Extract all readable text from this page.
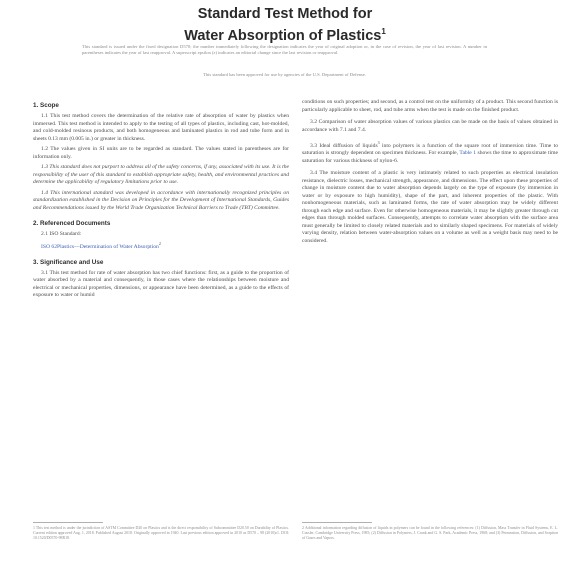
Standard Test Method for
Water Absorption of Plastics$^1$

This standard is issued under the fixed designation D570; the number immediately following the designation indicates the year of original adoption or, in the case of revision, the year of last revision. A number in parentheses indicates the year of last reapproval. A superscript epsilon (ε) indicates an editorial change since the last revision or reapproval.

This standard has been approved for use by agencies of the U.S. Department of Defense.

1. Scope

1.1 This test method covers the determination of the relative rate of absorption of water by plastics when immersed. This test method is intended to apply to the testing of all types of plastics, including cast, hot-molded, and cold-molded resinous products, and both homogeneous and laminated plastics in rod and tube form and in sheets 0.13 mm (0.005 in.) or greater in thickness.

1.2 The values given in SI units are to be regarded as standard. The values stated in parentheses are for information only.

1.3 This standard does not purport to address all of the safety concerns, if any, associated with its use. It is the responsibility of the user of this standard to establish appropriate safety, health, and environmental practices and determine the applicability of regulatory limitations prior to use.

1.4 This international standard was developed in accordance with internationally recognized principles on standardization established in the Decision on Principles for the Development of International Standards, Guides and Recommendations issued by the World Trade Organization Technical Barriers to Trade (TBT) Committee.

2. Referenced Documents

2.1 ISO Standard:

ISO 62Plastics—Determination of Water Absorption$^2$

3. Significance and Use

3.1 This test method for rate of water absorption has two chief functions: first, as a guide to the proportion of water absorbed by a material and consequently, in those cases where the relationships between moisture and electrical or mechanical properties, dimensions, or appearance have been determined, as a guide to the effects of exposure to water or humid

conditions on such properties; and second, as a control test on the uniformity of a product. This second function is particularly applicable to sheet, rod, and tube arms when the test is made on the finished product.

3.2 Comparison of water absorption values of various plastics can be made on the basis of values obtained in accordance with 7.1 and 7.4.

3.3 Ideal diffusion of liquids$^3$ into polymers is a function of the square root of immersion time. Time to saturation is strongly dependent on specimen thickness. For example, Table 1 shows the time to approximate time saturation for various thickness of nylon-6.

3.4 The moisture content of a plastic is very intimately related to such properties as electrical insulation resistance, dielectric losses, mechanical strength, appearance, and dimensions. The effect upon these properties of change in moisture content due to water absorption depends largely on the type of exposure (by immersion in water or by exposure to high humidity), shape of the part, and inherent properties of the plastic. With nonhomogeneous materials, such as laminated forms, the rate of water absorption may be widely different through each edge and surface. Even for otherwise homogeneous materials, it may be slightly greater through cut edges than through molded surfaces. Consequently, attempts to correlate water absorption with the surface area must generally be limited to closely related materials and to similarly shaped specimens. For materials of widely varying density, relation between water-absorption values on a volume as well as a weight basis may need to be considered.

1 This test method is under the jurisdiction of ASTM Committee D20 on Plastics and is the direct responsibility of Subcommittee D20.50 on Durability of Plastics. Current edition approved Aug. 1, 2018. Published August 2018. Originally approved in 1940. Last previous edition approved in 2010 as D570 – 98 (2010)ε1. DOI: 10.1520/D0570-98R18.

2 Additional information regarding diffusion of liquids in polymers can be found in the following references: (1) Diffusion, Mass Transfer in Fluid Systems, E. L. Cussler, Cambridge University Press, 1985; (2) Diffusion in Polymers, J. Crank and G. S. Park, Academic Press, 1968; and (3) Permeation, Diffusion, and Sorption of Gases and Vapors.
